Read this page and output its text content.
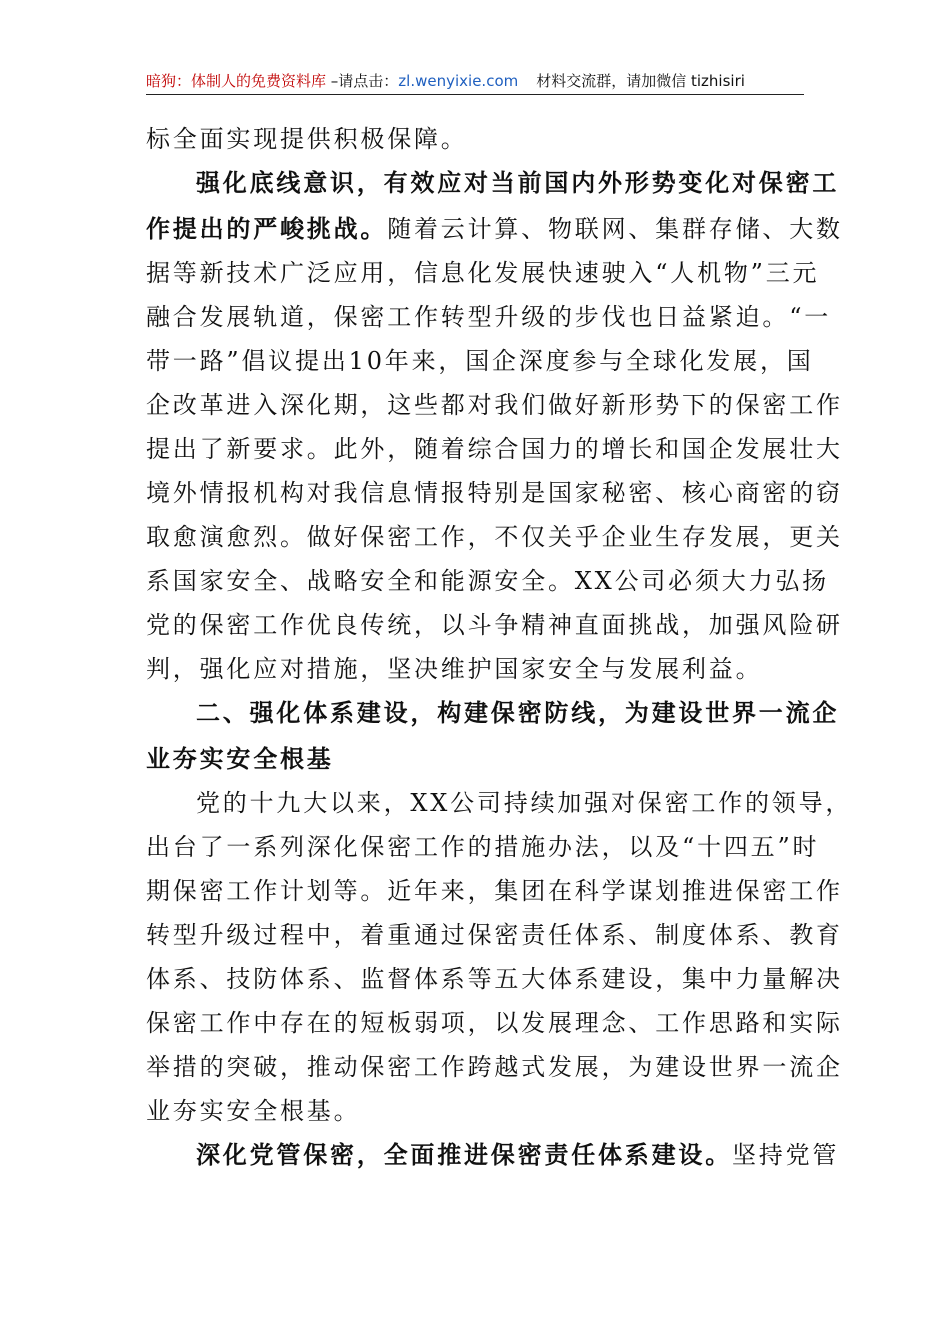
暗狗：体制人的免费资料库 –请点击：zl.wenyixie.com 材料交流群，请加微信 tizhisiri
标全面实现提供积极保障。
强化底线意识，有效应对当前国内外形势变化对保密工
作提出的严峻挑战。随着云计算、物联网、集群存储、大数
据等新技术广泛应用，信息化发展快速驶入“人机物”三元
融合发展轨道，保密工作转型升级的步伐也日益紧迫。“一
带一路”倡议提出10年来，国企深度参与全球化发展，国
企改革进入深化期，这些都对我们做好新形势下的保密工作
提出了新要求。此外，随着综合国力的增长和国企发展壮大
境外情报机构对我信息情报特别是国家秘密、核心商密的窃
取愈演愈烈。做好保密工作，不仅关乎企业生存发展，更关
系国家安全、战略安全和能源安全。XX公司必须大力弘扬
党的保密工作优良传统，以斗争精神直面挑战，加强风险研
判，强化应对措施，坚决维护国家安全与发展利益。
二、强化体系建设，构建保密防线，为建设世界一流企
业夯实安全根基
党的十九大以来，XX公司持续加强对保密工作的领导，
出台了一系列深化保密工作的措施办法，以及“十四五”时
期保密工作计划等。近年来，集团在科学谋划推进保密工作
转型升级过程中，着重通过保密责任体系、制度体系、教育
体系、技防体系、监督体系等五大体系建设，集中力量解决
保密工作中存在的短板弱项，以发展理念、工作思路和实际
举措的突破，推动保密工作跨越式发展，为建设世界一流企
业夯实安全根基。
深化党管保密，全面推进保密责任体系建设。坚持党管
